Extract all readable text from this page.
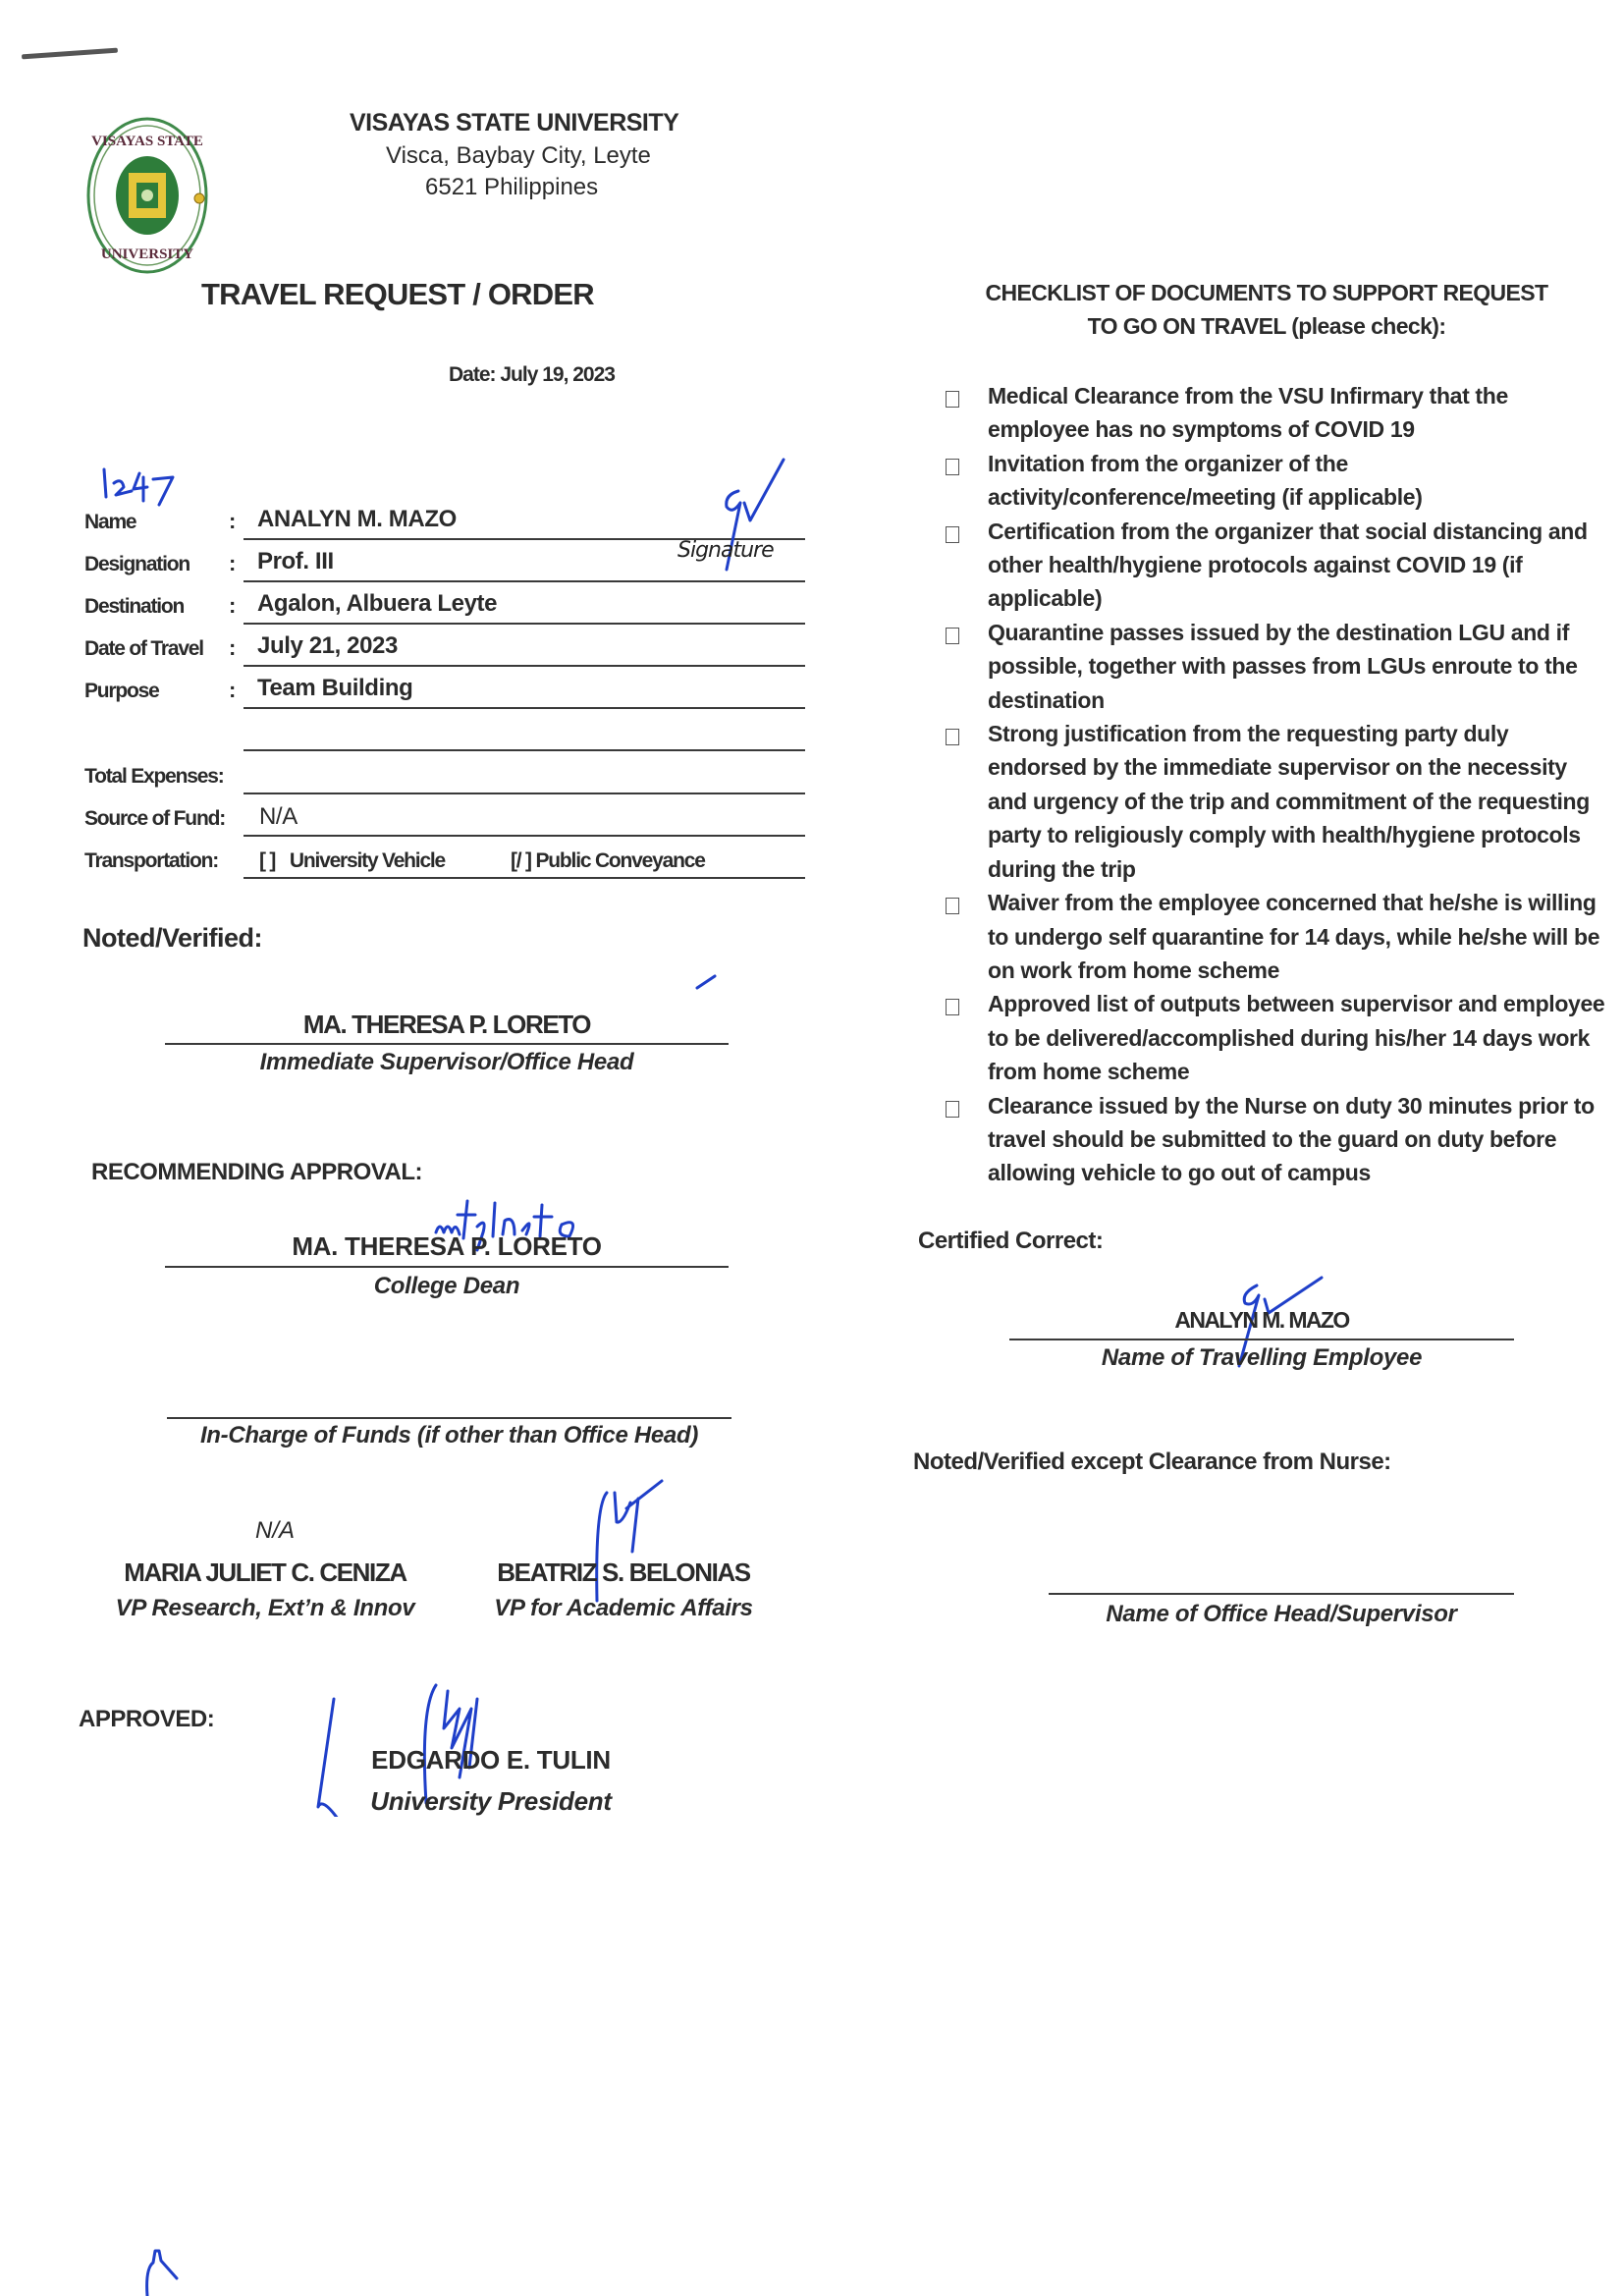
VISAYAS STATE
UNIVERSITY
VISAYAS STATE UNIVERSITY
Visca, Baybay City, Leyte
6521 Philippines
TRAVEL REQUEST / ORDER
Date: July 19, 2023
Name	: ANALYN M. MAZO
Designation : Prof. III
Destination : Agalon, Albuera Leyte
Date of Travel : July 21, 2023
Purpose	: Team Building
Total Expenses:
Source of Fund: N/A
Transportation: [ ] University Vehicle	[/ ] Public Conveyance
Signature
Noted/Verified:
MA. THERESA P. LORETO
Immediate Supervisor/Office Head
RECOMMENDING APPROVAL:
MA. THERESA P. LORETO
College Dean
In-Charge of Funds (if other than Office Head)
N/A
MARIA JULIET C. CENIZA
VP Research, Ext’n & Innov
BEATRIZ S. BELONIAS
VP for Academic Affairs
APPROVED:
EDGARDO E. TULIN
University President
CHECKLIST OF DOCUMENTS TO SUPPORT REQUEST
TO GO ON TRAVEL (please check):
Medical Clearance from the VSU Infirmary that the employee has no symptoms of COVID 19
Invitation from the organizer of the activity/conference/meeting (if applicable)
Certification from the organizer that social distancing and other health/hygiene protocols against COVID 19 (if applicable)
Quarantine passes issued by the destination LGU and if possible, together with passes from LGUs enroute to the destination
Strong justification from the requesting party duly endorsed by the immediate supervisor on the necessity and urgency of the trip and commitment of the requesting party to religiously comply with health/hygiene protocols during the trip
Waiver from the employee concerned that he/she is willing to undergo self quarantine for 14 days, while he/she will be on work from home scheme
Approved list of outputs between supervisor and employee to be delivered/accomplished during his/her 14 days work from home scheme
Clearance issued by the Nurse on duty 30 minutes prior to travel should be submitted to the guard on duty before allowing vehicle to go out of campus
Certified Correct:
ANALYN M. MAZO
Name of Travelling Employee
Noted/Verified except Clearance from Nurse:
Name of Office Head/Supervisor
